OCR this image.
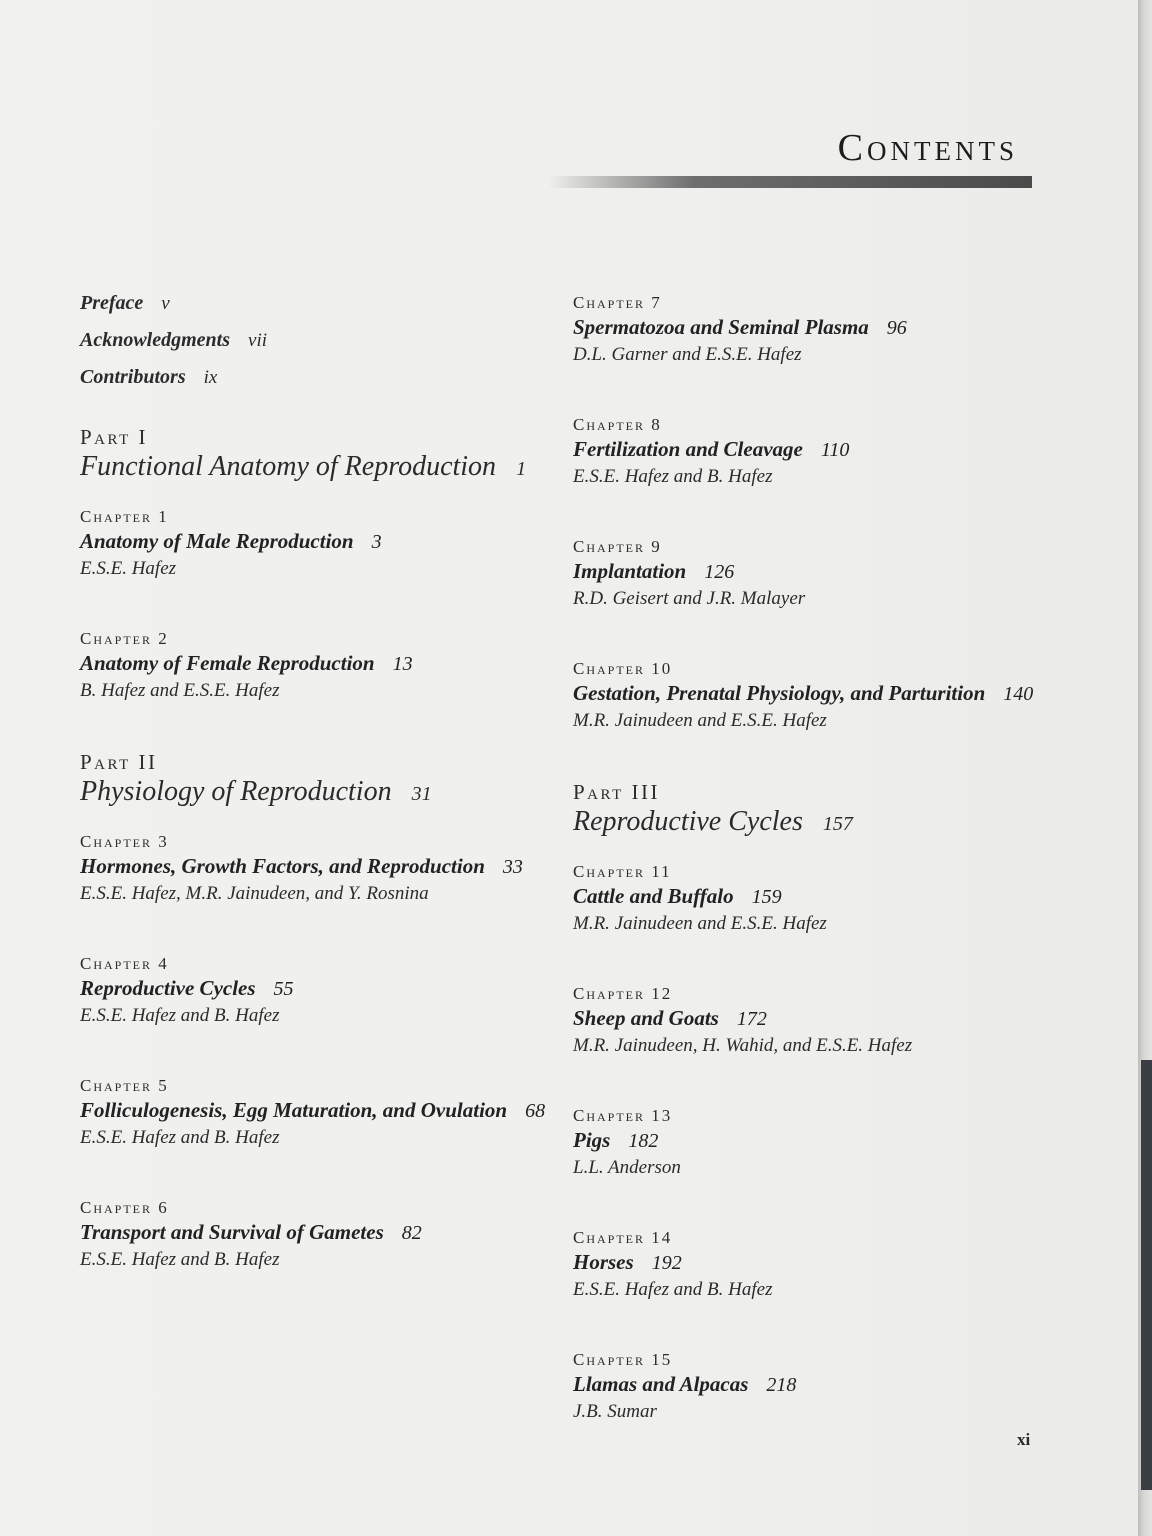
Contents
Preface v
Acknowledgments vii
Contributors ix
Part I
Functional Anatomy of Reproduction 1
Chapter 1
Anatomy of Male Reproduction 3
E.S.E. Hafez
Chapter 2
Anatomy of Female Reproduction 13
B. Hafez and E.S.E. Hafez
Part II
Physiology of Reproduction 31
Chapter 3
Hormones, Growth Factors, and Reproduction 33
E.S.E. Hafez, M.R. Jainudeen, and Y. Rosnina
Chapter 4
Reproductive Cycles 55
E.S.E. Hafez and B. Hafez
Chapter 5
Folliculogenesis, Egg Maturation, and Ovulation 68
E.S.E. Hafez and B. Hafez
Chapter 6
Transport and Survival of Gametes 82
E.S.E. Hafez and B. Hafez
Chapter 7
Spermatozoa and Seminal Plasma 96
D.L. Garner and E.S.E. Hafez
Chapter 8
Fertilization and Cleavage 110
E.S.E. Hafez and B. Hafez
Chapter 9
Implantation 126
R.D. Geisert and J.R. Malayer
Chapter 10
Gestation, Prenatal Physiology, and Parturition 140
M.R. Jainudeen and E.S.E. Hafez
Part III
Reproductive Cycles 157
Chapter 11
Cattle and Buffalo 159
M.R. Jainudeen and E.S.E. Hafez
Chapter 12
Sheep and Goats 172
M.R. Jainudeen, H. Wahid, and E.S.E. Hafez
Chapter 13
Pigs 182
L.L. Anderson
Chapter 14
Horses 192
E.S.E. Hafez and B. Hafez
Chapter 15
Llamas and Alpacas 218
J.B. Sumar
xi
